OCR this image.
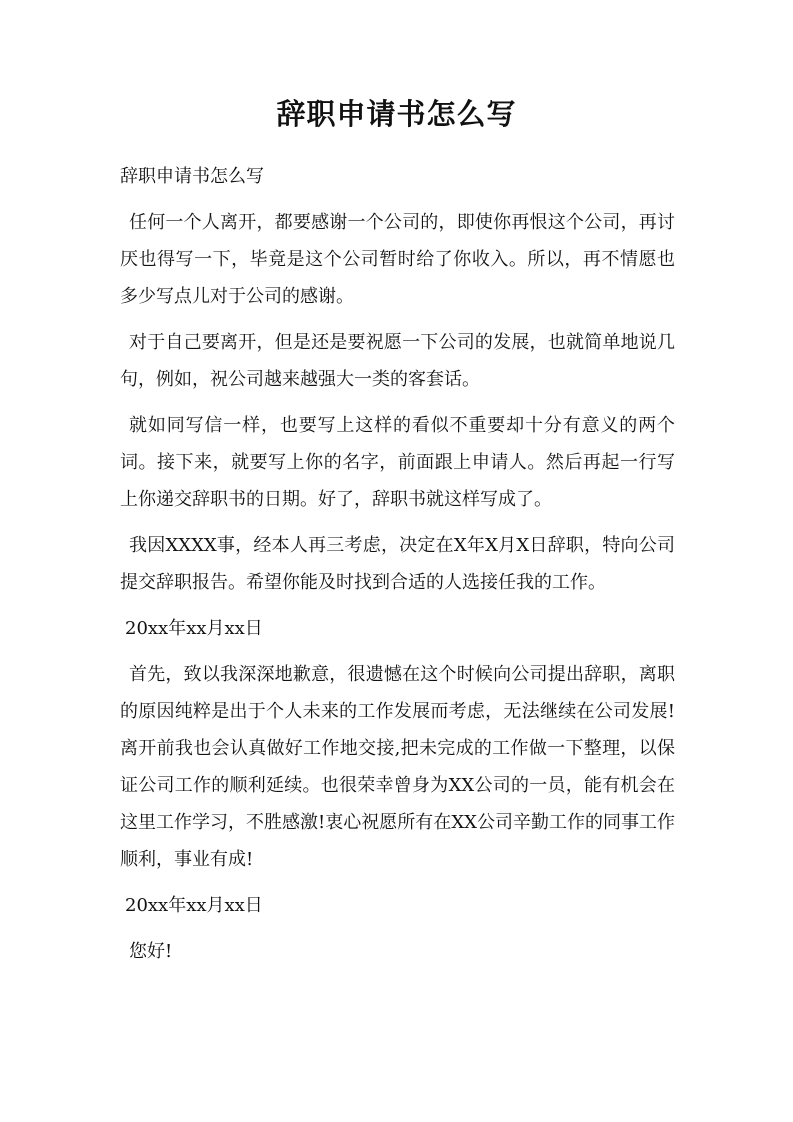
辞职申请书怎么写

辞职申请书怎么写

任何一个人离开，都要感谢一个公司的，即使你再恨这个公司，再讨厌也得写一下，毕竟是这个公司暂时给了你收入。所以，再不情愿也多少写点儿对于公司的感谢。

对于自己要离开，但是还是要祝愿一下公司的发展，也就简单地说几句，例如，祝公司越来越强大一类的客套话。

就如同写信一样，也要写上这样的看似不重要却十分有意义的两个词。接下来，就要写上你的名字，前面跟上申请人。然后再起一行写上你递交辞职书的日期。好了，辞职书就这样写成了。

我因XXXX事，经本人再三考虑，决定在X年X月X日辞职，特向公司提交辞职报告。希望你能及时找到合适的人选接任我的工作。

20xx年xx月xx日

首先，致以我深深地歉意，很遗憾在这个时候向公司提出辞职，离职的原因纯粹是出于个人未来的工作发展而考虑，无法继续在公司发展!离开前我也会认真做好工作地交接,把未完成的工作做一下整理，以保证公司工作的顺利延续。也很荣幸曾身为XX公司的一员，能有机会在这里工作学习，不胜感激!衷心祝愿所有在XX公司辛勤工作的同事工作顺利，事业有成!

20xx年xx月xx日

您好!
